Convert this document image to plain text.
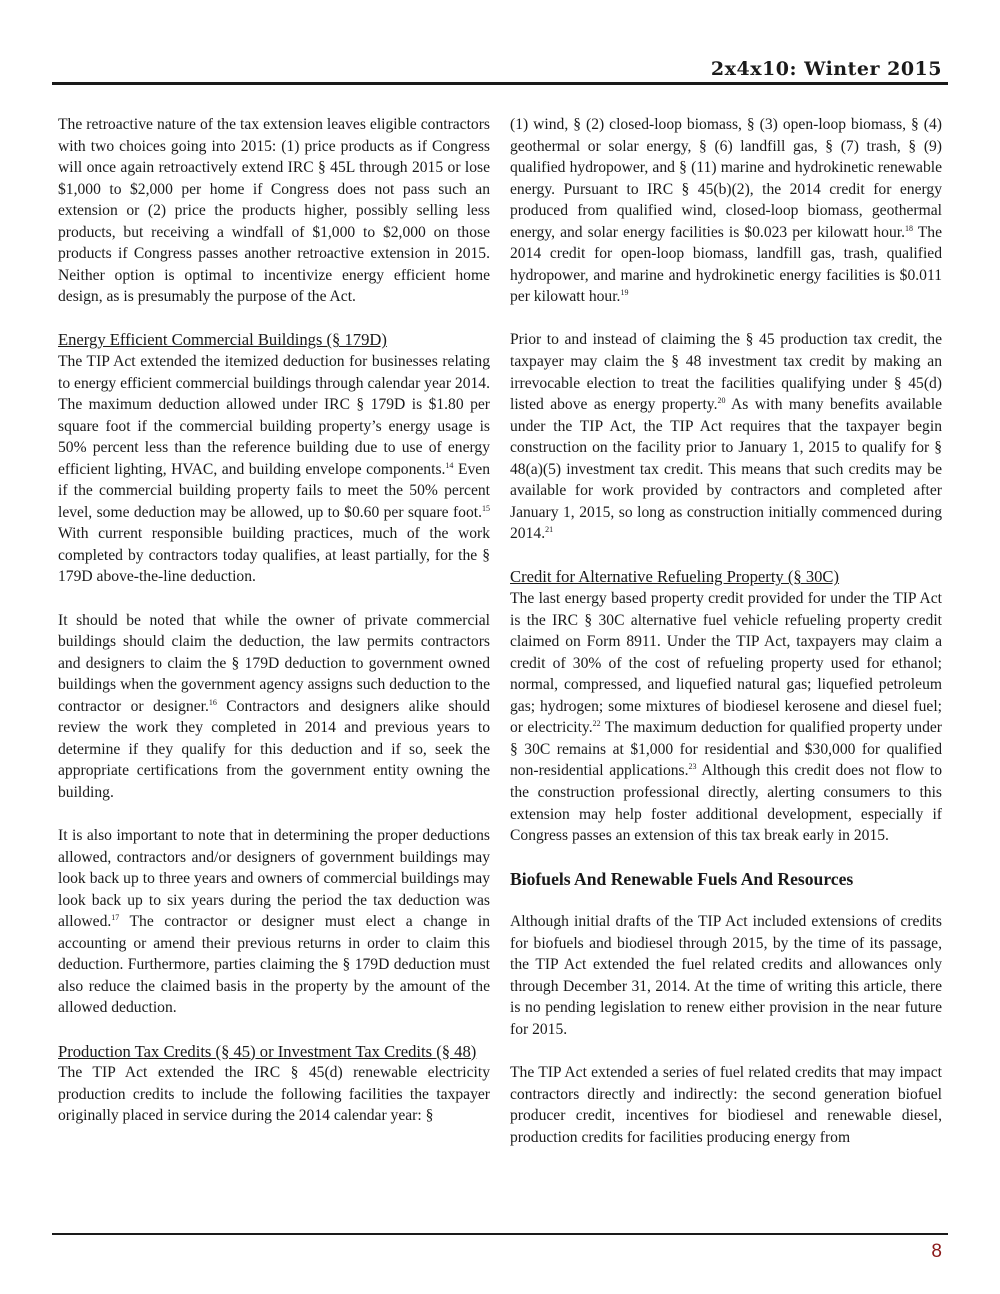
2x4x10: Winter 2015

The retroactive nature of the tax extension leaves eligible contractors with two choices going into 2015: (1) price products as if Congress will once again retroactively extend IRC § 45L through 2015 or lose $1,000 to $2,000 per home if Congress does not pass such an extension or (2) price the products higher, possibly selling less products, but receiving a windfall of $1,000 to $2,000 on those products if Congress passes another retroactive extension in 2015. Neither option is optimal to incentivize energy efficient home design, as is presumably the purpose of the Act.

Energy Efficient Commercial Buildings (§ 179D)

The TIP Act extended the itemized deduction for businesses relating to energy efficient commercial buildings through calendar year 2014. The maximum deduction allowed under IRC § 179D is $1.80 per square foot if the commercial building property’s energy usage is 50% percent less than the reference building due to use of energy efficient lighting, HVAC, and building envelope components.$^{14}$ Even if the commercial building property fails to meet the 50% percent level, some deduction may be allowed, up to $0.60 per square foot.$^{15}$ With current responsible building practices, much of the work completed by contractors today qualifies, at least partially, for the § 179D above-the-line deduction.

It should be noted that while the owner of private commercial buildings should claim the deduction, the law permits contractors and designers to claim the § 179D deduction to government owned buildings when the government agency assigns such deduction to the contractor or designer.$^{16}$ Contractors and designers alike should review the work they completed in 2014 and previous years to determine if they qualify for this deduction and if so, seek the appropriate certifications from the government entity owning the building.

It is also important to note that in determining the proper deductions allowed, contractors and/or designers of government buildings may look back up to three years and owners of commercial buildings may look back up to six years during the period the tax deduction was allowed.$^{17}$ The contractor or designer must elect a change in accounting or amend their previous returns in order to claim this deduction. Furthermore, parties claiming the § 179D deduction must also reduce the claimed basis in the property by the amount of the allowed deduction.

Production Tax Credits (§ 45) or Investment Tax Credits (§ 48)

The TIP Act extended the IRC § 45(d) renewable electricity production credits to include the following facilities the taxpayer originally placed in service during the 2014 calendar year: §

(1) wind, § (2) closed-loop biomass, § (3) open-loop biomass, § (4) geothermal or solar energy, § (6) landfill gas, § (7) trash, § (9) qualified hydropower, and § (11) marine and hydrokinetic renewable energy. Pursuant to IRC § 45(b)(2), the 2014 credit for energy produced from qualified wind, closed-loop biomass, geothermal energy, and solar energy facilities is $0.023 per kilowatt hour.$^{18}$ The 2014 credit for open-loop biomass, landfill gas, trash, qualified hydropower, and marine and hydrokinetic energy facilities is $0.011 per kilowatt hour.$^{19}$

Prior to and instead of claiming the § 45 production tax credit, the taxpayer may claim the § 48 investment tax credit by making an irrevocable election to treat the facilities qualifying under § 45(d) listed above as energy property.$^{20}$ As with many benefits available under the TIP Act, the TIP Act requires that the taxpayer begin construction on the facility prior to January 1, 2015 to qualify for § 48(a)(5) investment tax credit. This means that such credits may be available for work provided by contractors and completed after January 1, 2015, so long as construction initially commenced during 2014.21

Credit for Alternative Refueling Property (§ 30C)

The last energy based property credit provided for under the TIP Act is the IRC § 30C alternative fuel vehicle refueling property credit claimed on Form 8911. Under the TIP Act, taxpayers may claim a credit of 30% of the cost of refueling property used for ethanol; normal, compressed, and liquefied natural gas; liquefied petroleum gas; hydrogen; some mixtures of biodiesel kerosene and diesel fuel; or electricity.$^{22}$ The maximum deduction for qualified property under § 30C remains at $1,000 for residential and $30,000 for qualified non-residential applications.$^{23}$ Although this credit does not flow to the construction professional directly, alerting consumers to this extension may help foster additional development, especially if Congress passes an extension of this tax break early in 2015.

Biofuels And Renewable Fuels And Resources

Although initial drafts of the TIP Act included extensions of credits for biofuels and biodiesel through 2015, by the time of its passage, the TIP Act extended the fuel related credits and allowances only through December 31, 2014. At the time of writing this article, there is no pending legislation to renew either provision in the near future for 2015.

The TIP Act extended a series of fuel related credits that may impact contractors directly and indirectly: the second generation biofuel producer credit, incentives for biodiesel and renewable diesel, production credits for facilities producing energy from

8
